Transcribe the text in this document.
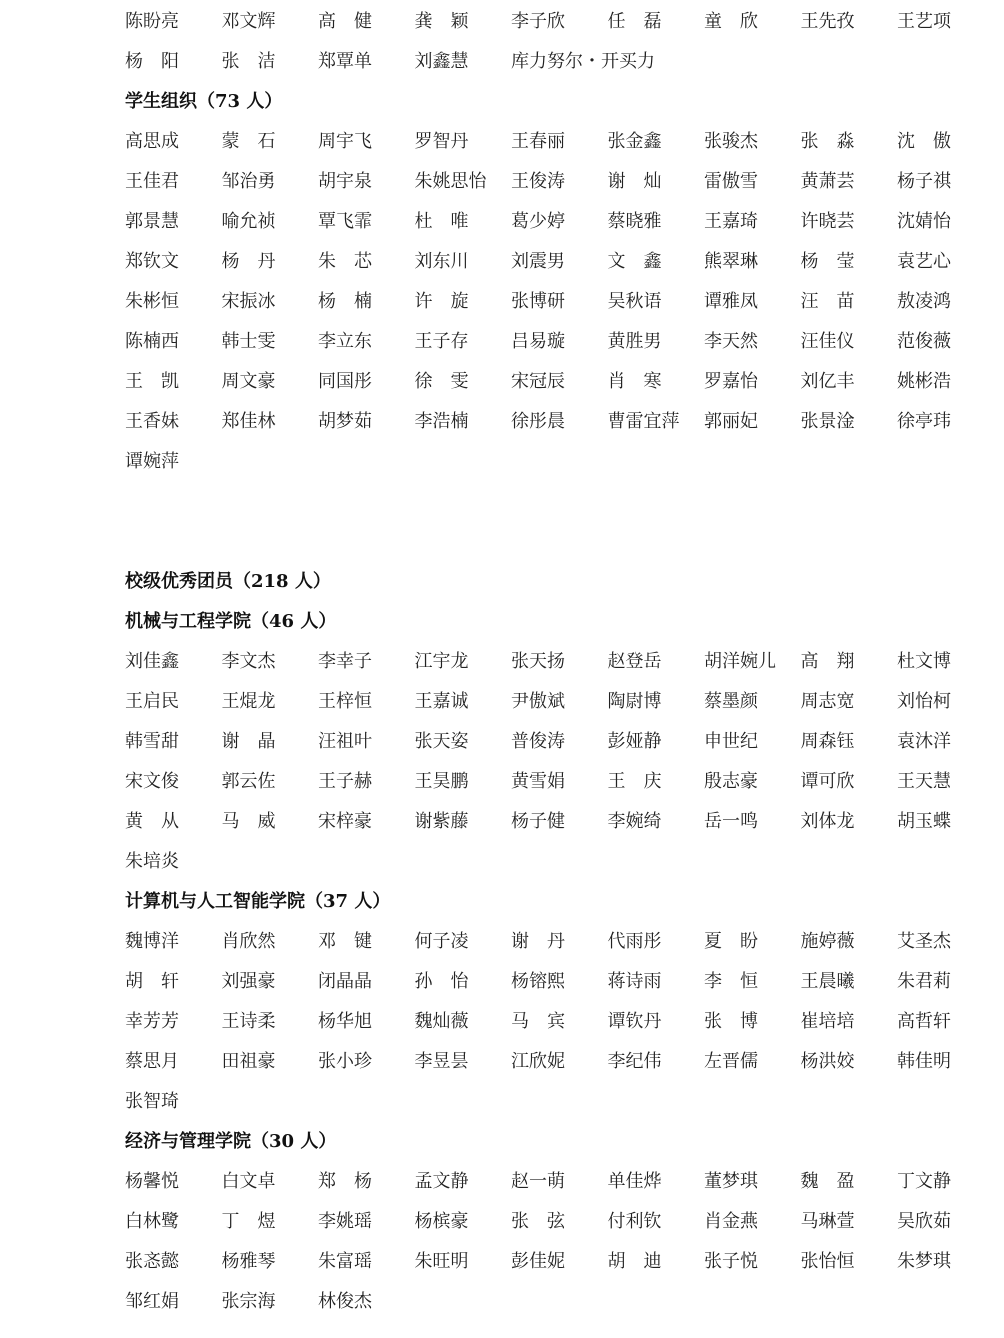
陈盼亮 邓文辉 高　健 龚　颖 李子欣 任　磊 童　欣 王先孜 王艺项
杨　阳 张　洁 郑覃单 刘鑫慧 库力努尔・开买力
学生组织（73 人）
高思成 蒙　石 周宇飞 罗智丹 王春丽 张金鑫 张骏杰 张　淼 沈　傲
王佳君 邹治勇 胡宇泉 朱姚思怡 王俊涛 谢　灿 雷傲雪 黄萧芸 杨子祺
郭景慧 喻允祯 覃飞霏 杜　唯 葛少婷 蔡晓雅 王嘉琦 许晓芸 沈婧怡
郑钦文 杨　丹 朱　芯 刘东川 刘震男 文　鑫 熊翠琳 杨　莹 袁艺心
朱彬恒 宋振冰 杨　楠 许　旋 张博研 吴秋语 谭雅凤 汪　苗 敖凌鸿
陈楠西 韩士雯 李立东 王子存 吕易璇 黄胜男 李天然 汪佳仪 范俊薇
王　凯 周文豪 同国彤 徐　雯 宋冠辰 肖　寒 罗嘉怡 刘亿丰 姚彬浩
王香妹 郑佳林 胡梦茹 李浩楠 徐彤晨 曹雷宜萍 郭丽妃 张景淦 徐亭玮
谭婉萍
校级优秀团员（218 人）
机械与工程学院（46 人）
刘佳鑫 李文杰 李幸子 江宇龙 张天扬 赵登岳 胡洋婉儿 高　翔 杜文博
王启民 王焜龙 王梓恒 王嘉诚 尹傲斌 陶尉博 蔡墨颜 周志宽 刘怡柯
韩雪甜 谢　晶 汪祖叶 张天姿 普俊涛 彭娅静 申世纪 周森钰 袁沐洋
宋文俊 郭云佐 王子赫 王昊鹏 黄雪娟 王　庆 殷志豪 谭可欣 王天慧
黄　从 马　威 宋梓豪 谢紫藤 杨子健 李婉绮 岳一鸣 刘体龙 胡玉蝶
朱培炎
计算机与人工智能学院（37 人）
魏博洋 肖欣然 邓　键 何子凌 谢　丹 代雨彤 夏　盼 施婷薇 艾圣杰
胡　轩 刘强豪 闭晶晶 孙　怡 杨镕熙 蒋诗雨 李　恒 王晨曦 朱君莉
幸芳芳 王诗柔 杨华旭 魏灿薇 马　宾 谭钦丹 张　博 崔培培 高哲轩
蔡思月 田祖豪 张小珍 李昱昙 江欣妮 李纪伟 左晋儒 杨洪姣 韩佳明
张智琦
经济与管理学院（30 人）
杨馨悦 白文卓 郑　杨 孟文静 赵一萌 单佳烨 董梦琪 魏　盈 丁文静
白林鹭 丁　煜 李姚瑶 杨槟豪 张　弦 付利钦 肖金燕 马琳萱 吴欣茹
张忞懿 杨雅琴 朱富瑶 朱旺明 彭佳妮 胡　迪 张子悦 张怡恒 朱梦琪
邹红娟 张宗海 林俊杰
